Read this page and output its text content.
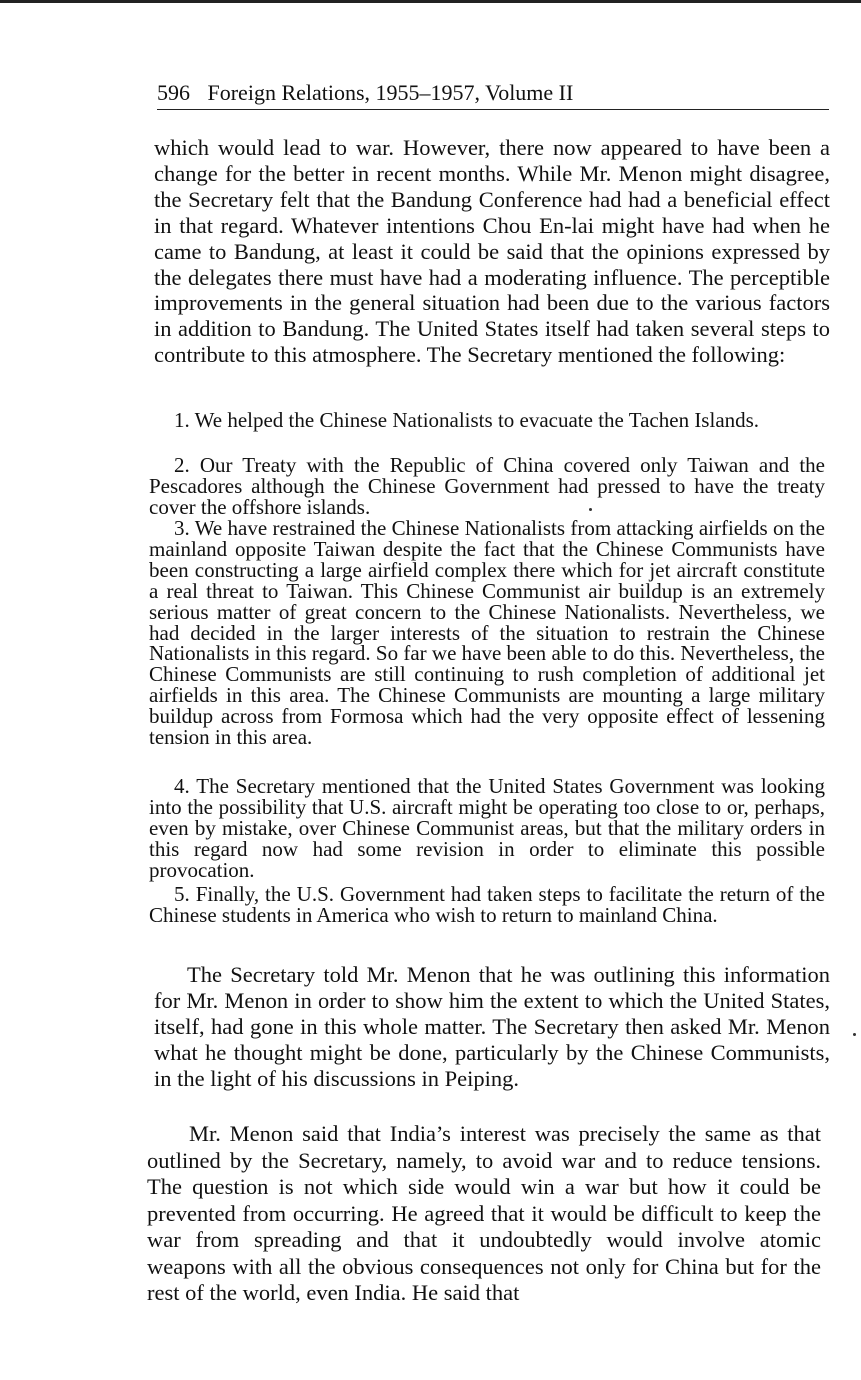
596 Foreign Relations, 1955–1957, Volume II

which would lead to war. However, there now appeared to have been a change for the better in recent months. While Mr. Menon might disagree, the Secretary felt that the Bandung Conference had had a beneficial effect in that regard. Whatever intentions Chou En-lai might have had when he came to Bandung, at least it could be said that the opinions expressed by the delegates there must have had a moderating influence. The perceptible improvements in the general situation had been due to the various factors in addition to Bandung. The United States itself had taken several steps to contribute to this atmosphere. The Secretary mentioned the following:

1. We helped the Chinese Nationalists to evacuate the Tachen Islands.

2. Our Treaty with the Republic of China covered only Taiwan and the Pescadores although the Chinese Government had pressed to have the treaty cover the offshore islands.

3. We have restrained the Chinese Nationalists from attacking airfields on the mainland opposite Taiwan despite the fact that the Chinese Communists have been constructing a large airfield complex there which for jet aircraft constitute a real threat to Taiwan. This Chinese Communist air buildup is an extremely serious matter of great concern to the Chinese Nationalists. Nevertheless, we had decided in the larger interests of the situation to restrain the Chinese Nationalists in this regard. So far we have been able to do this. Nevertheless, the Chinese Communists are still continuing to rush completion of additional jet airfields in this area. The Chinese Communists are mounting a large military buildup across from Formosa which had the very opposite effect of lessening tension in this area.

4. The Secretary mentioned that the United States Government was looking into the possibility that U.S. aircraft might be operating too close to or, perhaps, even by mistake, over Chinese Communist areas, but that the military orders in this regard now had some revision in order to eliminate this possible provocation.

5. Finally, the U.S. Government had taken steps to facilitate the return of the Chinese students in America who wish to return to mainland China.

The Secretary told Mr. Menon that he was outlining this information for Mr. Menon in order to show him the extent to which the United States, itself, had gone in this whole matter. The Secretary then asked Mr. Menon what he thought might be done, particularly by the Chinese Communists, in the light of his discussions in Peiping.

Mr. Menon said that India’s interest was precisely the same as that outlined by the Secretary, namely, to avoid war and to reduce tensions. The question is not which side would win a war but how it could be prevented from occurring. He agreed that it would be difficult to keep the war from spreading and that it undoubtedly would involve atomic weapons with all the obvious consequences not only for China but for the rest of the world, even India. He said that
